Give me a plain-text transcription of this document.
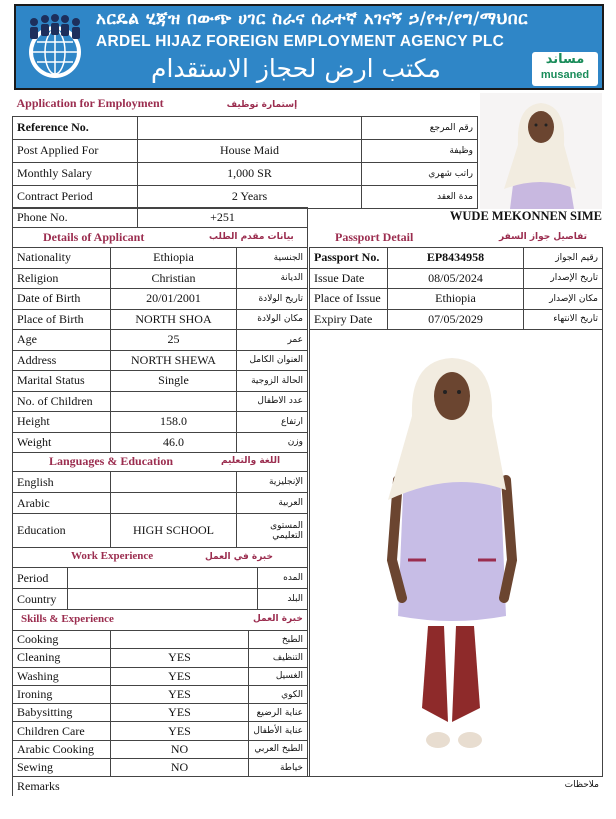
አርዴል ሂጃዝ በውጭ ሀገር ስራና ሰራተኛ አገናኝ ኃ/የተ/የግ/ማህበር
ARDEL HIJAZ FOREIGN EMPLOYMENT AGENCY PLC
مكتب ارض لحجاز الاستقدام	مساند
musaned
Application for Employment إستمارة توظيف		
Reference No.		رقم المرجع
Post Applied For	House Maid	وظيفة
Monthly Salary	1,000 SR	راتب شهري
Contract Period	2 Years	مدة العقد
Phone No.	+251	WUDE MEKONNEN SIME
Details of Applicant	بيانات مقدم الطلب
Nationality	Ethiopia	الجنسية
Religion	Christian	الديانة
Date of Birth	20/01/2001	تاريخ الولادة
Place of Birth	NORTH SHOA	مكان الولادة
Age	25	عمر
Address	NORTH SHEWA	العنوان الكامل
Marital Status	Single	الحالة الزوجية
No. of Children		عدد الاطفال
Height	158.0	ارتفاع
Weight	46.0	وزن
Passport Detail	تفاصيل جواز السفر
Passport No.	EP8434958	رقيم الجواز
Issue Date	08/05/2024	تاريخ الإصدار
Place of Issue	Ethiopia	مكان الإصدار
Expiry Date	07/05/2029	تاريخ الانتهاء
Languages & Education	اللغة والتعليم
English		الإنجليزية
Arabic		العربية
Education	HIGH SCHOOL	المستوى التعليمي
Work Experience	خبرة في العمل
Period		المده
Country		البلد
Skills & Experience	خبرة العمل
Cooking		الطبخ
Cleaning	YES	التنظيف
Washing	YES	الغسيل
Ironing	YES	الكوي
Babysitting	YES	عناية الرضيع
Children Care	YES	عناية الأطفال
Arabic Cooking	NO	الطبخ العربي
Sewing	NO	خياطة
Remarks	ملاحظات
